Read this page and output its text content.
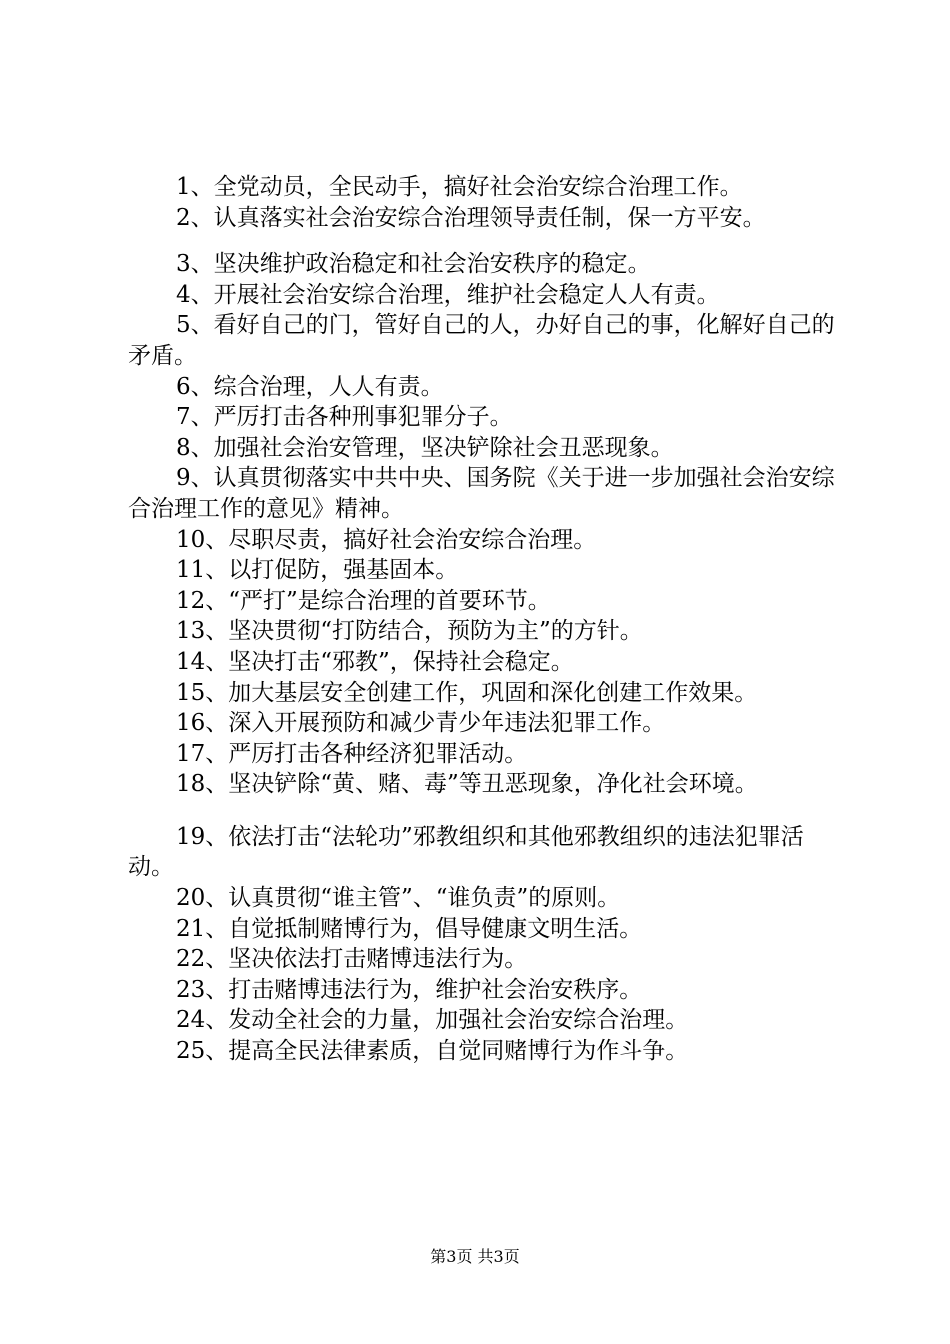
1、全党动员，全民动手，搞好社会治安综合治理工作。

2、认真落实社会治安综合治理领导责任制，保一方平安。

3、坚决维护政治稳定和社会治安秩序的稳定。

4、开展社会治安综合治理，维护社会稳定人人有责。

5、看好自己的门，管好自己的人，办好自己的事，化解好自己的矛盾。

6、综合治理，人人有责。

7、严厉打击各种刑事犯罪分子。

8、加强社会治安管理，坚决铲除社会丑恶现象。

9、认真贯彻落实中共中央、国务院《关于进一步加强社会治安综合治理工作的意见》精神。

10、尽职尽责，搞好社会治安综合治理。

11、以打促防，强基固本。

12、“严打”是综合治理的首要环节。

13、坚决贯彻“打防结合，预防为主”的方针。

14、坚决打击“邪教”，保持社会稳定。

15、加大基层安全创建工作，巩固和深化创建工作效果。

16、深入开展预防和减少青少年违法犯罪工作。

17、严厉打击各种经济犯罪活动。

18、坚决铲除“黄、赌、毒”等丑恶现象，净化社会环境。

19、依法打击“法轮功”邪教组织和其他邪教组织的违法犯罪活动。

20、认真贯彻“谁主管”、“谁负责”的原则。

21、自觉抵制赌博行为，倡导健康文明生活。

22、坚决依法打击赌博违法行为。

23、打击赌博违法行为，维护社会治安秩序。

24、发动全社会的力量，加强社会治安综合治理。

25、提高全民法律素质，自觉同赌博行为作斗争。

第3页 共3页
